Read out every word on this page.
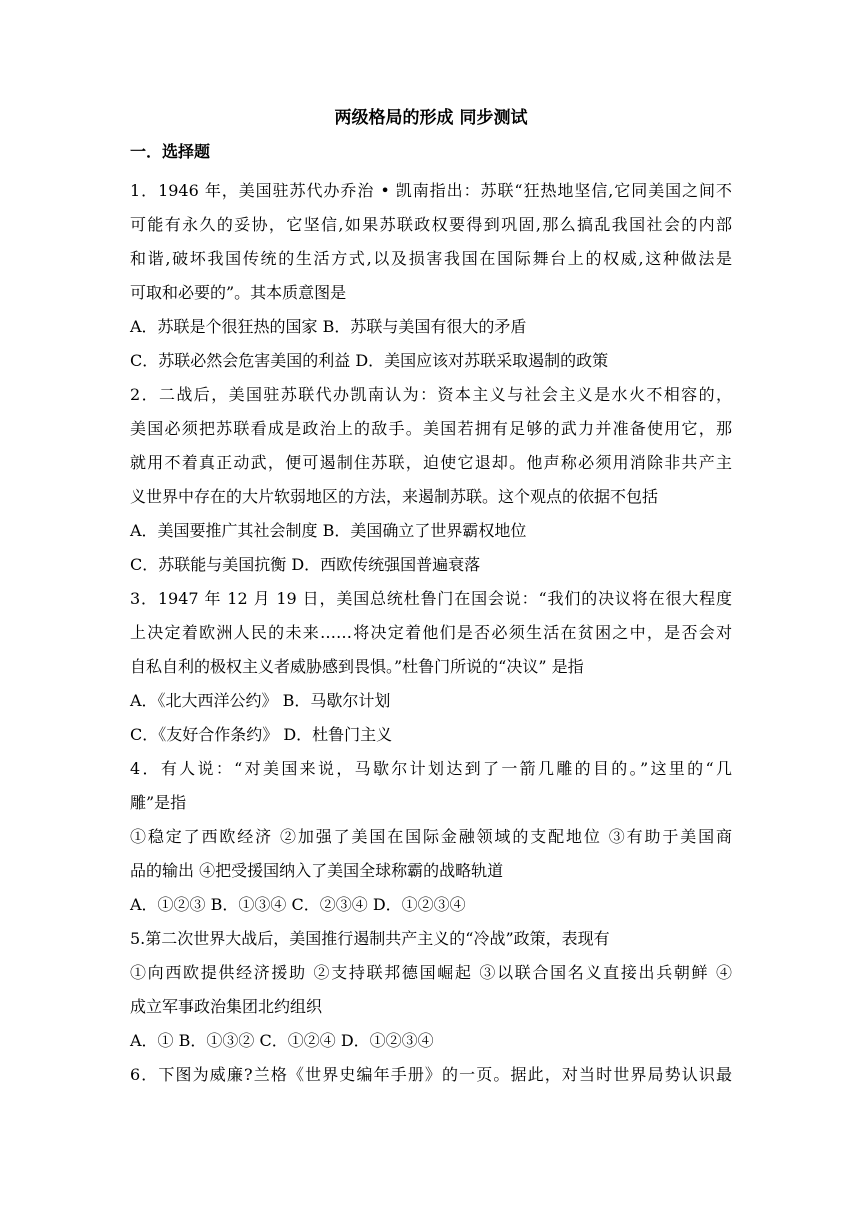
两级格局的形成 同步测试
一．选择题
1．1946 年，美国驻苏代办乔治 • 凯南指出：苏联“狂热地坚信,它同美国之间不
可能有永久的妥协，它坚信,如果苏联政权要得到巩固,那么搞乱我国社会的内部
和谐,破坏我国传统的生活方式,以及损害我国在国际舞台上的权威,这种做法是
可取和必要的”。其本质意图是
A．苏联是个很狂热的国家 B．苏联与美国有很大的矛盾
C．苏联必然会危害美国的利益 D．美国应该对苏联采取遏制的政策
2．二战后，美国驻苏联代办凯南认为：资本主义与社会主义是水火不相容的，
美国必须把苏联看成是政治上的敌手。美国若拥有足够的武力并准备使用它，那
就用不着真正动武，便可遏制住苏联，迫使它退却。他声称必须用消除非共产主
义世界中存在的大片软弱地区的方法，来遏制苏联。这个观点的依据不包括
A．美国要推广其社会制度 B．美国确立了世界霸权地位
C．苏联能与美国抗衡 D．西欧传统强国普遍衰落
3．1947 年 12 月 19 日，美国总统杜鲁门在国会说：“我们的决议将在很大程度
上决定着欧洲人民的未来……将决定着他们是否必须生活在贫困之中，是否会对
自私自利的极权主义者威胁感到畏惧。”杜鲁门所说的“决议” 是指
A．《北大西洋公约》 B．马歇尔计划
C．《友好合作条约》 D．杜鲁门主义
4．有人说：“对美国来说，马歇尔计划达到了一箭几雕的目的。”这里的“几
雕”是指
①稳定了西欧经济 ②加强了美国在国际金融领域的支配地位 ③有助于美国商
品的输出 ④把受援国纳入了美国全球称霸的战略轨道
A．①②③ B．①③④ C．②③④ D．①②③④
5.第二次世界大战后，美国推行遏制共产主义的“冷战”政策，表现有
①向西欧提供经济援助 ②支持联邦德国崛起 ③以联合国名义直接出兵朝鲜 ④
成立军事政治集团北约组织
A．① B．①③② C．①②④ D．①②③④
6．下图为威廉?兰格《世界史编年手册》的一页。据此，对当时世界局势认识最
